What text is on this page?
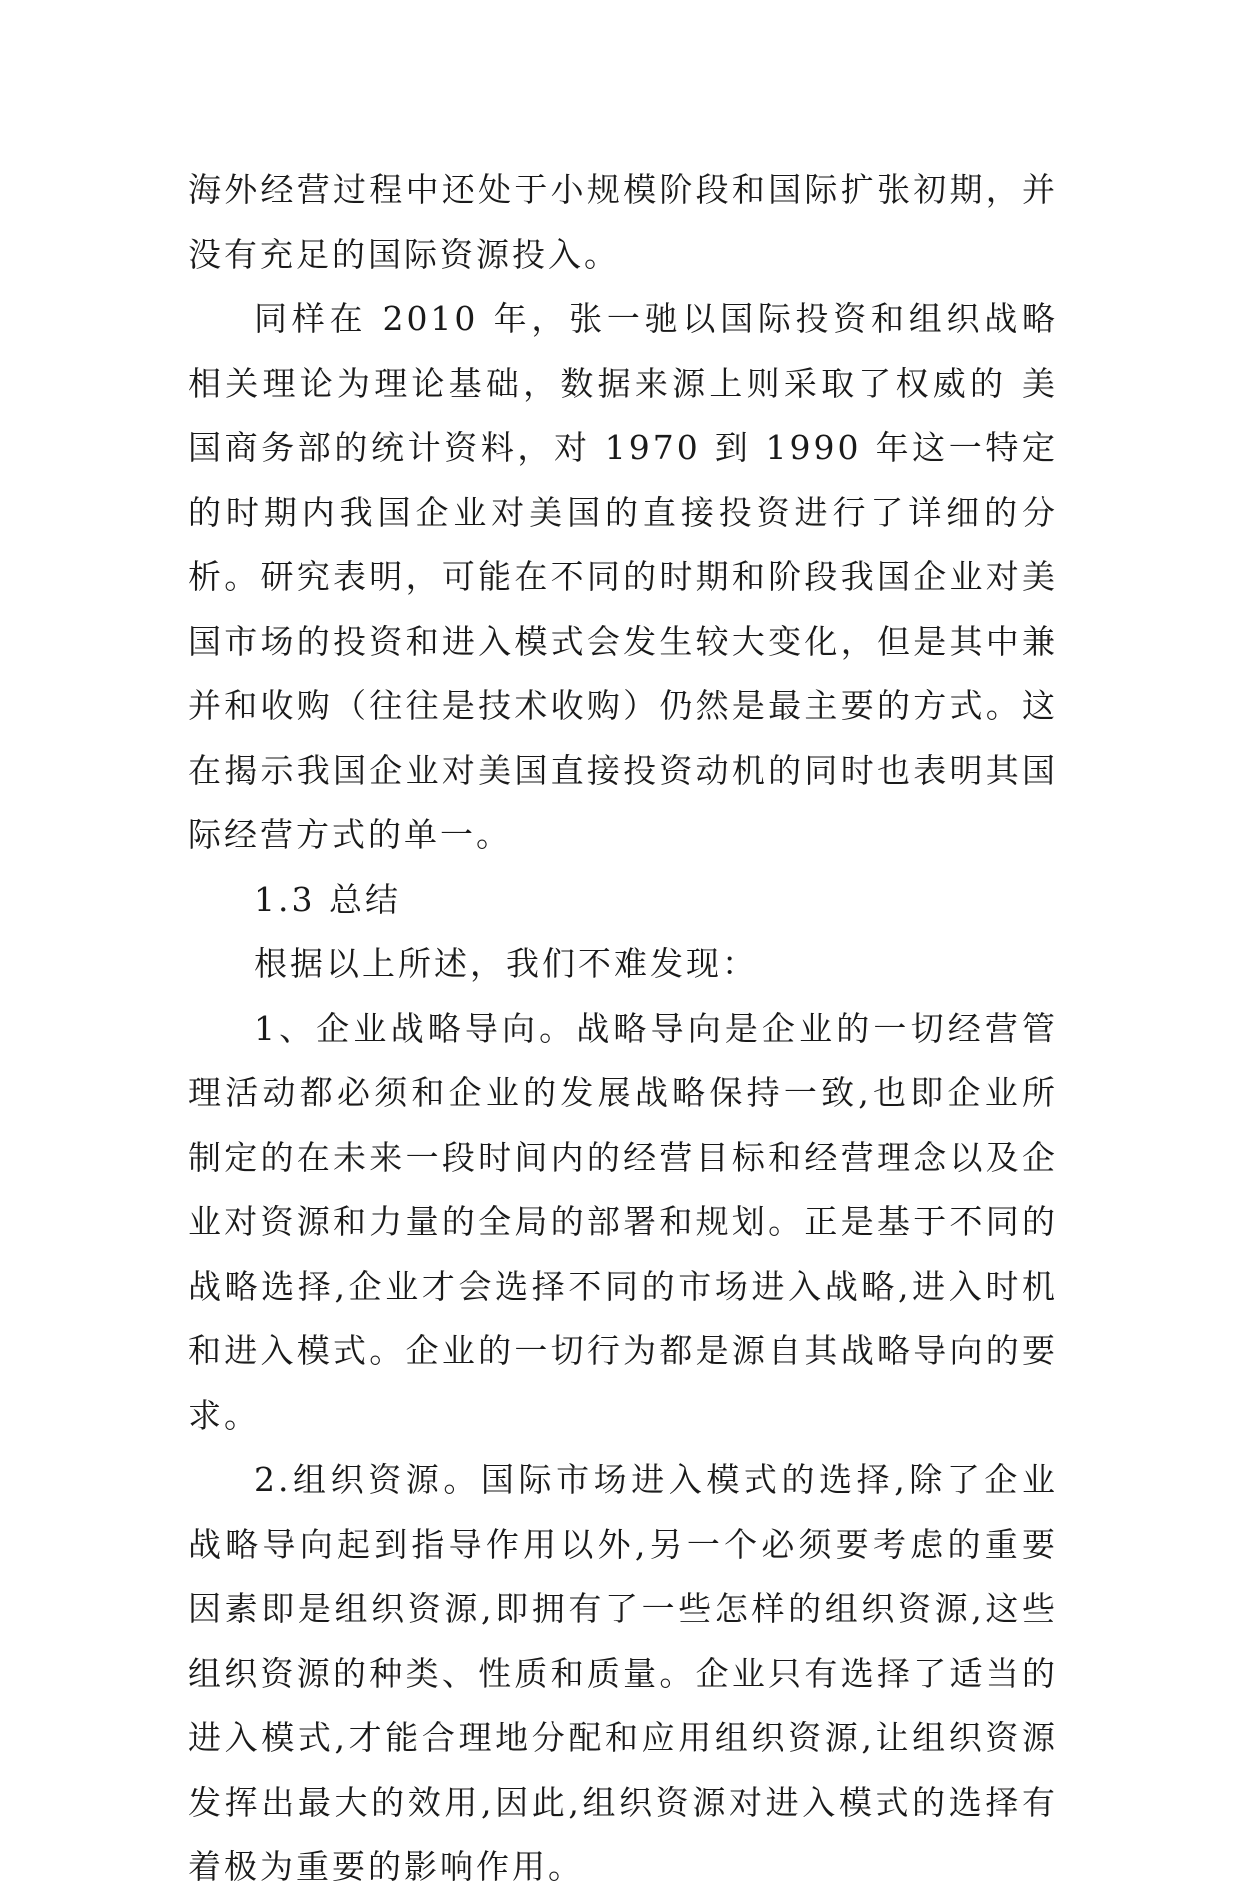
海外经营过程中还处于小规模阶段和国际扩张初期，并没有充足的国际资源投入。

同样在 2010 年，张一驰以国际投资和组织战略相关理论为理论基础，数据来源上则采取了权威的 美国商务部的统计资料，对 1970 到 1990 年这一特定的时期内我国企业对美国的直接投资进行了详细的分析。研究表明，可能在不同的时期和阶段我国企业对美国市场的投资和进入模式会发生较大变化，但是其中兼并和收购（往往是技术收购）仍然是最主要的方式。这在揭示我国企业对美国直接投资动机的同时也表明其国际经营方式的单一。

1.3 总结

根据以上所述，我们不难发现：

1、企业战略导向。战略导向是企业的一切经营管理活动都必须和企业的发展战略保持一致,也即企业所制定的在未来一段时间内的经营目标和经营理念以及企业对资源和力量的全局的部署和规划。正是基于不同的战略选择,企业才会选择不同的市场进入战略,进入时机和进入模式。企业的一切行为都是源自其战略导向的要求。

2.组织资源。国际市场进入模式的选择,除了企业战略导向起到指导作用以外,另一个必须要考虑的重要因素即是组织资源,即拥有了一些怎样的组织资源,这些组织资源的种类、性质和质量。企业只有选择了适当的进入模式,才能合理地分配和应用组织资源,让组织资源发挥出最大的效用,因此,组织资源对进入模式的选择有着极为重要的影响作用。
